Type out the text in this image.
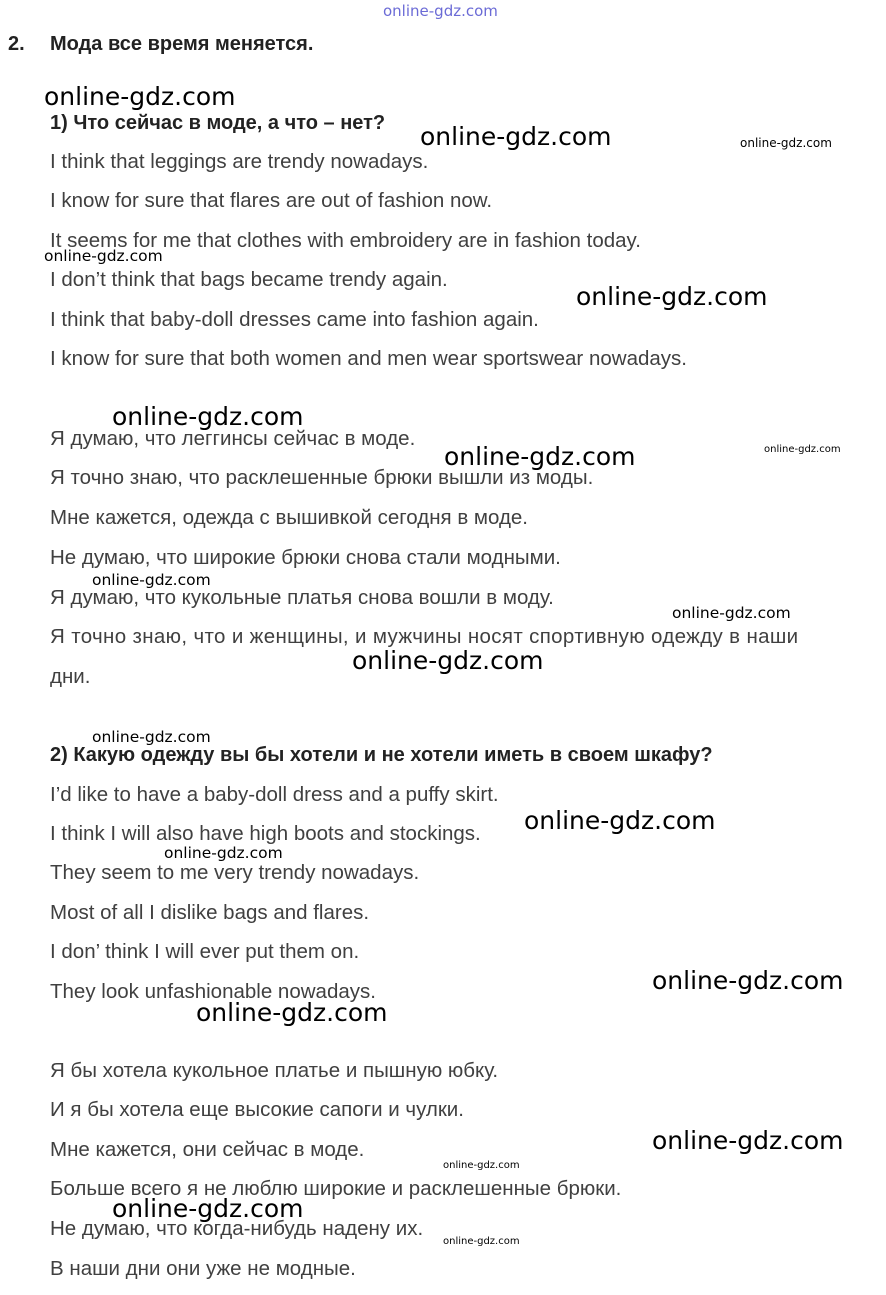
online-gdz.com
2. Мода все время меняется.
1) Что сейчас в моде, а что – нет?
I think that leggings are trendy nowadays.
I know for sure that flares are out of fashion now.
It seems for me that clothes with embroidery are in fashion today.
I don’t think that bags became trendy again.
I think that baby-doll dresses came into fashion again.
I know for sure that both women and men wear sportswear nowadays.
Я думаю, что леггинсы сейчас в моде.
Я точно знаю, что расклешенные брюки вышли из моды.
Мне кажется, одежда с вышивкой сегодня в моде.
Не думаю, что широкие брюки снова стали модными.
Я думаю, что кукольные платья снова вошли в моду.
Я точно знаю, что и женщины, и мужчины носят спортивную одежду в наши
дни.
2) Какую одежду вы бы хотели и не хотели иметь в своем шкафу?
I’d like to have a baby-doll dress and a puffy skirt.
I think I will also have high boots and stockings.
They seem to me very trendy nowadays.
Most of all I dislike bags and flares.
I don’ think I will ever put them on.
They look unfashionable nowadays.
Я бы хотела кукольное платье и пышную юбку.
И я бы хотела еще высокие сапоги и чулки.
Мне кажется, они сейчас в моде.
Больше всего я не люблю широкие и расклешенные брюки.
Не думаю, что когда-нибудь надену их.
В наши дни они уже не модные.
online-gdz.com
online-gdz.com	online-gdz.com
online-gdz.com
online-gdz.com
online-gdz.com
online-gdz.com
online-gdz.com
online-gdz.com
online-gdz.com
online-gdz.com
online-gdz.com
online-gdz.com
online-gdz.com
online-gdz.com
online-gdz.com
online-gdz.com
online-gdz.com
online-gdz.com
online-gdz.com
